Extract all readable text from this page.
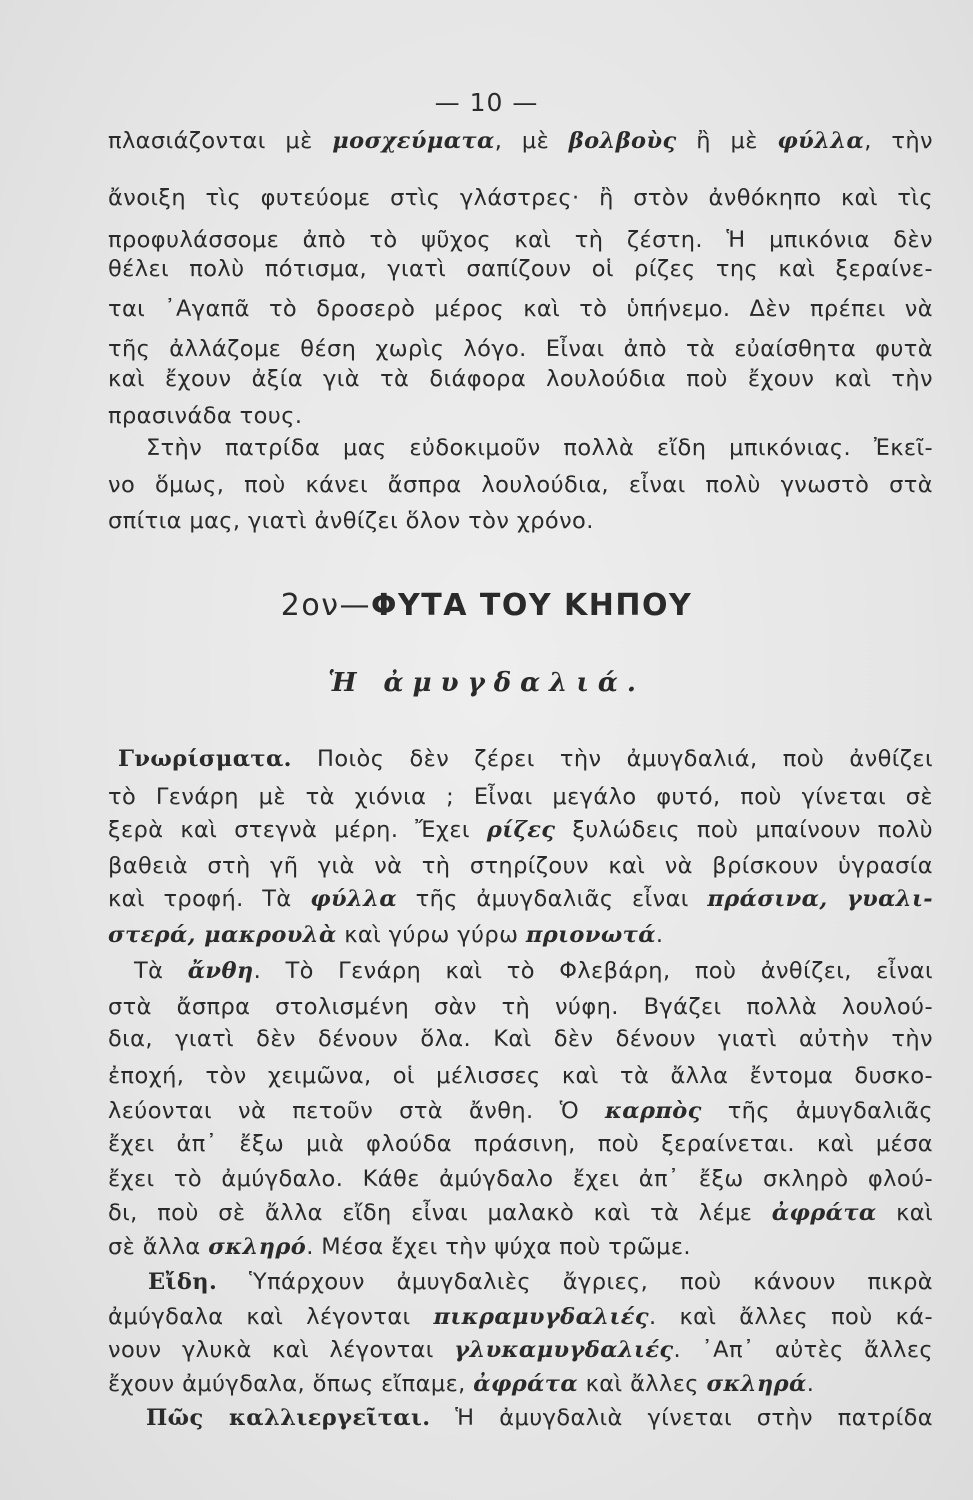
— 10 —

πλασιάζονται μὲ μοσχεύματα, μὲ βολβοὺς ἢ μὲ φύλλα, τὴν

ἄνοιξη τὶς φυτεύομε στὶς γλάστρες· ἢ στὸν ἀνθόκηπο καὶ τὶς

προφυλάσσομε ἀπὸ τὸ ψῦχος καὶ τὴ ζέστη. Ἡ μπικόνια δὲν

θέλει πολὺ πότισμα, γιατὶ σαπίζουν οἱ ρίζες της καὶ ξεραίνε-

ται ᾿Αγαπᾶ τὸ δροσερὸ μέρος καὶ τὸ ὑπήνεμο. Δὲν πρέπει νὰ

τῆς ἀλλάζομε θέση χωρὶς λόγο. Εἶναι ἀπὸ τὰ εὐαίσθητα φυτὰ

καὶ ἔχουν ἀξία γιὰ τὰ διάφορα λουλούδια ποὺ ἔχουν καὶ τὴν

πρασινάδα τους.

Στὴν πατρίδα μας εὐδοκιμοῦν πολλὰ εἴδη μπικόνιας. Ἐκεῖ-

νο ὅμως, ποὺ κάνει ἄσπρα λουλούδια, εἶναι πολὺ γνωστὸ στὰ

σπίτια μας, γιατὶ ἀνθίζει ὅλον τὸν χρόνο.

Γνωρίσματα. Ποιὸς δὲν ζέρει τὴν ἀμυγδαλιά, ποὺ ἀνθίζει

τὸ Γενάρη μὲ τὰ χιόνια ; Εἶναι μεγάλο φυτό, ποὺ γίνεται σὲ

ξερὰ καὶ στεγνὰ μέρη. Ἔχει ρίζες ξυλώδεις ποὺ μπαίνουν πολὺ

βαθειὰ στὴ γῆ γιὰ νὰ τὴ στηρίζουν καὶ νὰ βρίσκουν ὑγρασία

καὶ τροφή. Τὰ φύλλα τῆς ἀμυγδαλιᾶς εἶναι πράσινα, γυαλι-

στερά, μακρουλὰ καὶ γύρω γύρω πριονωτά.

Τὰ ἄνθη. Τὸ Γενάρη καὶ τὸ Φλεβάρη, ποὺ ἀνθίζει, εἶναι

στὰ ἄσπρα στολισμένη σὰν τὴ νύφη. Βγάζει πολλὰ λουλού-

δια, γιατὶ δὲν δένουν ὅλα. Καὶ δὲν δένουν γιατὶ αὐτὴν τὴν

ἐποχή, τὸν χειμῶνα, οἱ μέλισσες καὶ τὰ ἄλλα ἔντομα δυσκο-

λεύονται νὰ πετοῦν στὰ ἄνθη. Ὁ καρπὸς τῆς ἀμυγδαλιᾶς

ἔχει ἀπ᾿ ἔξω μιὰ φλούδα πράσινη, ποὺ ξεραίνεται. καὶ μέσα

ἔχει τὸ ἀμύγδαλο. Κάθε ἀμύγδαλο ἔχει ἀπ᾿ ἔξω σκληρὸ φλού-

δι, ποὺ σὲ ἄλλα εἴδη εἶναι μαλακὸ καὶ τὰ λέμε ἀφράτα καὶ

σὲ ἄλλα σκληρό. Μέσα ἔχει τὴν ψύχα ποὺ τρῶμε.

Εἴδη. Ὑπάρχουν ἀμυγδαλιὲς ἄγριες, ποὺ κάνουν πικρὰ

ἀμύγδαλα καὶ λέγονται πικραμυγδαλιές. καὶ ἄλλες ποὺ κά-

νουν γλυκὰ καὶ λέγονται γλυκαμυγδαλιές. ᾿Απ᾿ αὐτὲς ἄλλες

ἔχουν ἀμύγδαλα, ὅπως εἴπαμε, ἀφράτα καὶ ἄλλες σκληρά.

Πῶς καλλιεργεῖται. Ἡ ἀμυγδαλιὰ γίνεται στὴν πατρίδα

2ον—ΦΥΤΑ ΤΟΥ ΚΗΠΟΥ
Ἡ ἀμυγδαλιά.
